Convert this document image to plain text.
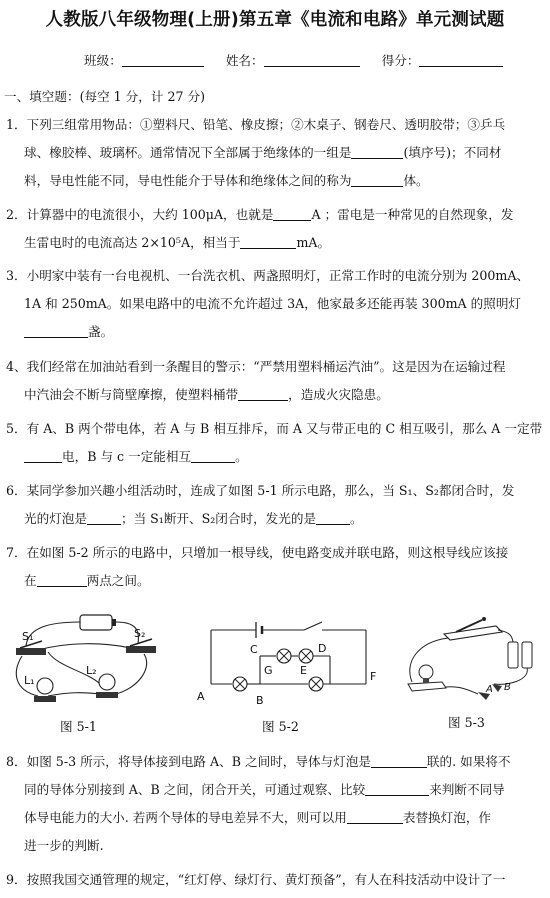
人教版八年级物理(上册)第五章《电流和电路》单元测试题
班级：	姓名：	得分：
一、填空题：(每空 1 分，计 27 分)
1．下列三组常用物品：①塑料尺、铅笔、橡皮擦；②木桌子、钢卷尺、透明胶带；③乒乓
球、橡胶棒、玻璃杯。通常情况下全部属于绝缘体的一组是	(填序号)；不同材
料，导电性能不同，导电性能介于导体和绝缘体之间的称为	体。
2．计算器中的电流很小，大约 100μA，也就是	A ；雷电是一种常见的自然现象，发
生雷电时的电流高达 2×10⁵A，相当于	mA。
3．小明家中装有一台电视机、一台洗衣机、两盏照明灯，正常工作时的电流分别为 200mA、
1A 和 250mA。如果电路中的电流不允许超过 3A，他家最多还能再装 300mA 的照明灯
盏。
4、我们经常在加油站看到一条醒目的警示：“严禁用塑料桶运汽油”。这是因为在运输过程
中汽油会不断与筒壁摩擦，使塑料桶带	，造成火灾隐患。
5．有 A、B 两个带电体，若 A 与 B 相互排斥，而 A 又与带正电的 C 相互吸引，那么 A 一定带
电，B 与 c 一定能相互	。
6．某同学参加兴趣小组活动时，连成了如图 5-1 所示电路，那么，当 S₁、S₂都闭合时，发
光的灯泡是	；当 S₁断开、S₂闭合时，发光的是	。
7．在如图 5-2 所示的电路中，只增加一根导线，使电路变成并联电路，则这根导线应该接
在	两点之间。
S₁	S₂
L₁
L₂
图 5-1
A	B
C	D
E	F
G
图 5-2
A B
图 5-3
8．如图 5-3 所示，将导体接到电路 A、B 之间时，导体与灯泡是	联的. 如果将不
同的导体分别接到 A、B 之间，闭合开关，可通过观察、比较	来判断不同导
体导电能力的大小. 若两个导体的导电差异不大，则可以用	表替换灯泡，作
进一步的判断.
9．按照我国交通管理的规定，“红灯停、绿灯行、黄灯预备”，有人在科技活动中设计了一
